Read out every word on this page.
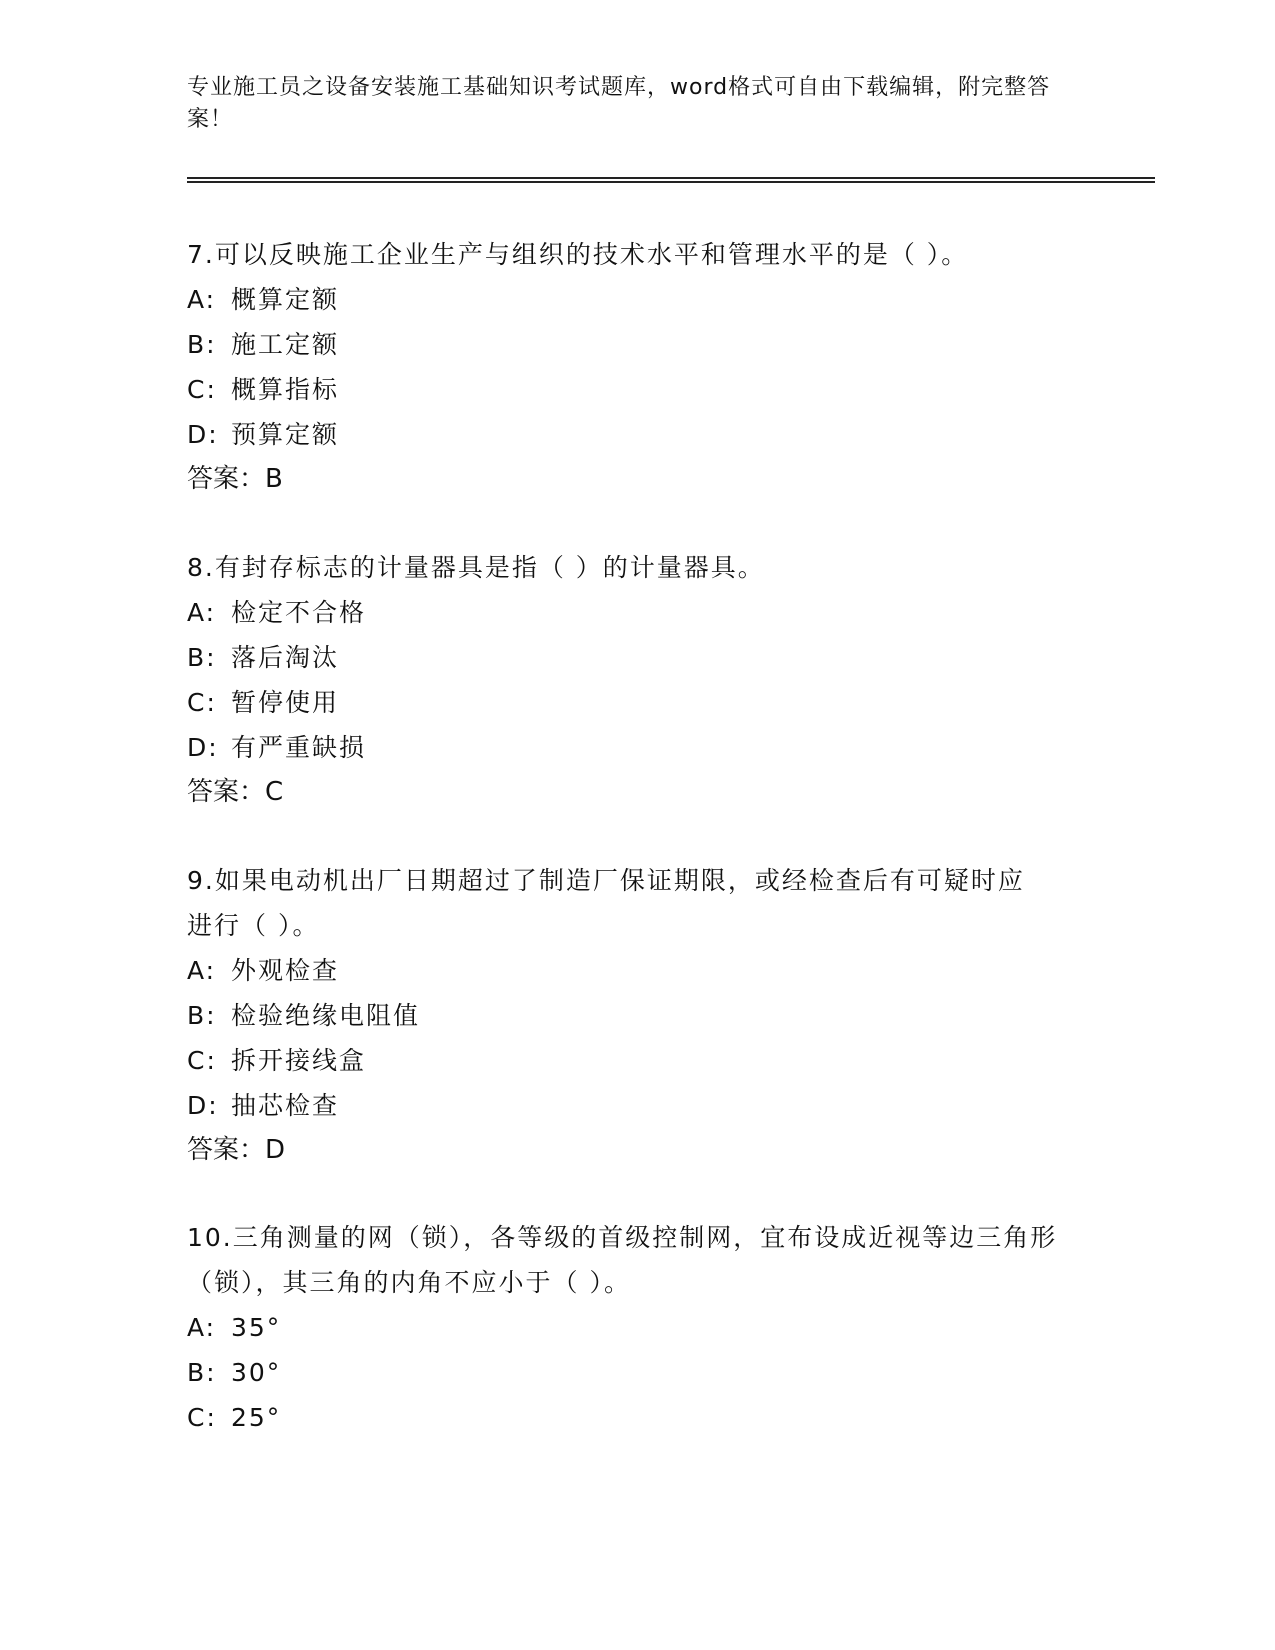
专业施工员之设备安装施工基础知识考试题库，word格式可自由下载编辑，附完整答案！

7.可以反映施工企业生产与组织的技术水平和管理水平的是（ ）。

A: 概算定额

B: 施工定额

C: 概算指标

D: 预算定额

答案：B

8.有封存标志的计量器具是指（ ）的计量器具。

A: 检定不合格

B: 落后淘汰

C: 暂停使用

D: 有严重缺损

答案：C

9.如果电动机出厂日期超过了制造厂保证期限，或经检查后有可疑时应进行（ ）。

A: 外观检查

B: 检验绝缘电阻值

C: 拆开接线盒

D: 抽芯检查

答案：D

10.三角测量的网（锁），各等级的首级控制网，宜布设成近视等边三角形（锁），其三角的内角不应小于（ ）。

A: 35°

B: 30°

C: 25°
